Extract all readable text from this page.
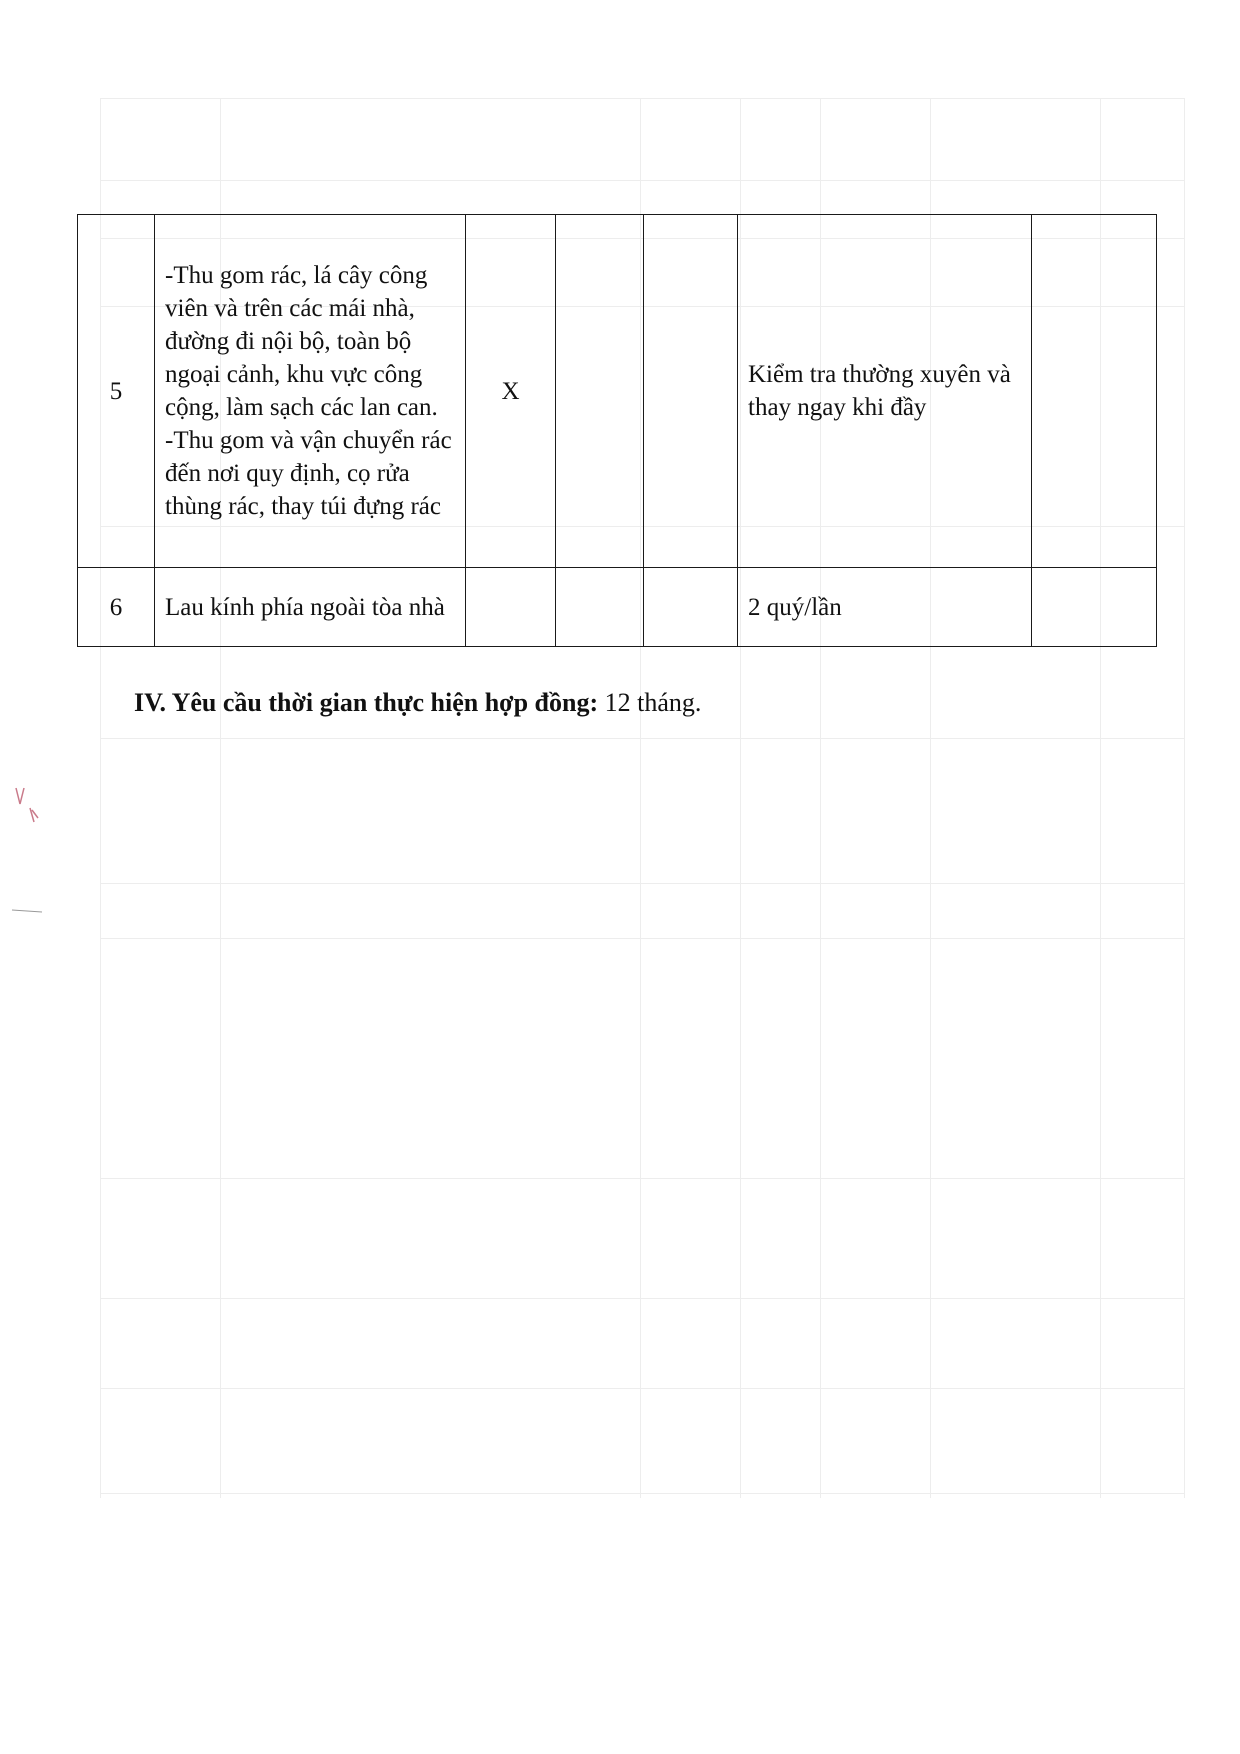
5	-Thu gom rác, lá cây công viên và trên các mái nhà, đường đi nội bộ, toàn bộ ngoại cảnh, khu vực công cộng, làm sạch các lan can.

-Thu gom và vận chuyển rác đến nơi quy định, cọ rửa thùng rác, thay túi đựng rác	X			Kiểm tra thường xuyên và thay ngay khi đầy	
6	Lau kính phía ngoài tòa nhà				2 quý/lần	
IV. Yêu cầu thời gian thực hiện hợp đồng: 12 tháng.
